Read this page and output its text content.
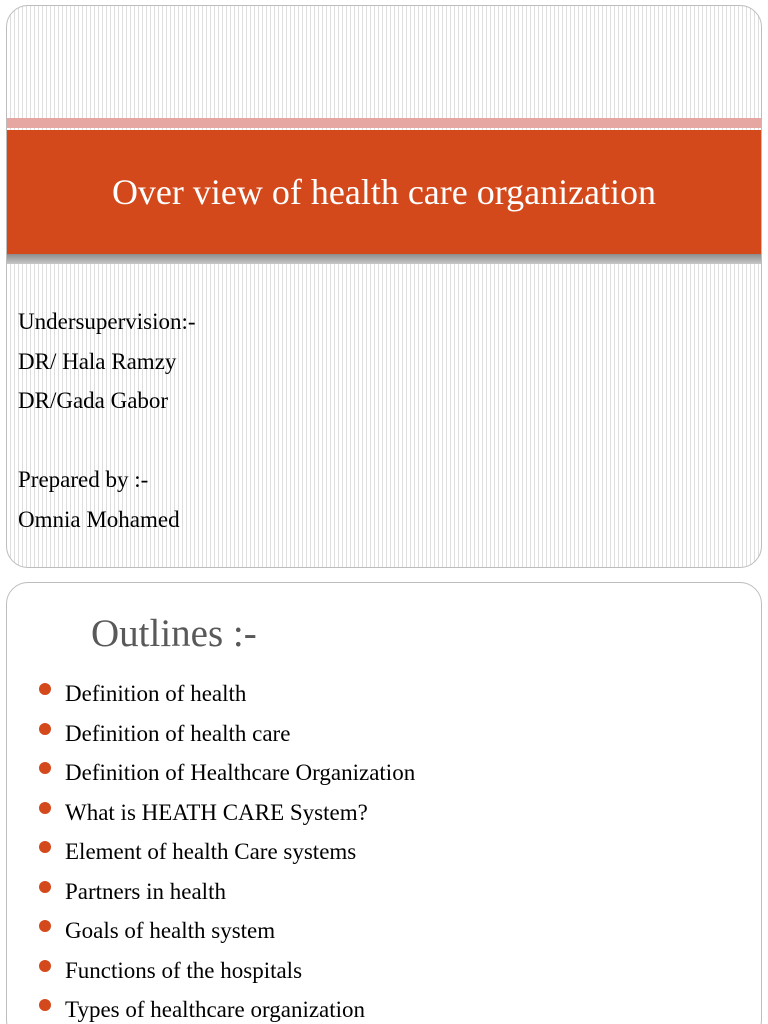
Over view of health care organization
Undersupervision:-
DR/ Hala Ramzy
DR/Gada Gabor
Prepared by :-
Omnia Mohamed
Outlines :-
Definition of health
Definition of health care
Definition of Healthcare Organization
What is HEATH CARE System?
Element of health Care systems
Partners in health
Goals of health system
Functions of the hospitals
Types of healthcare organization
